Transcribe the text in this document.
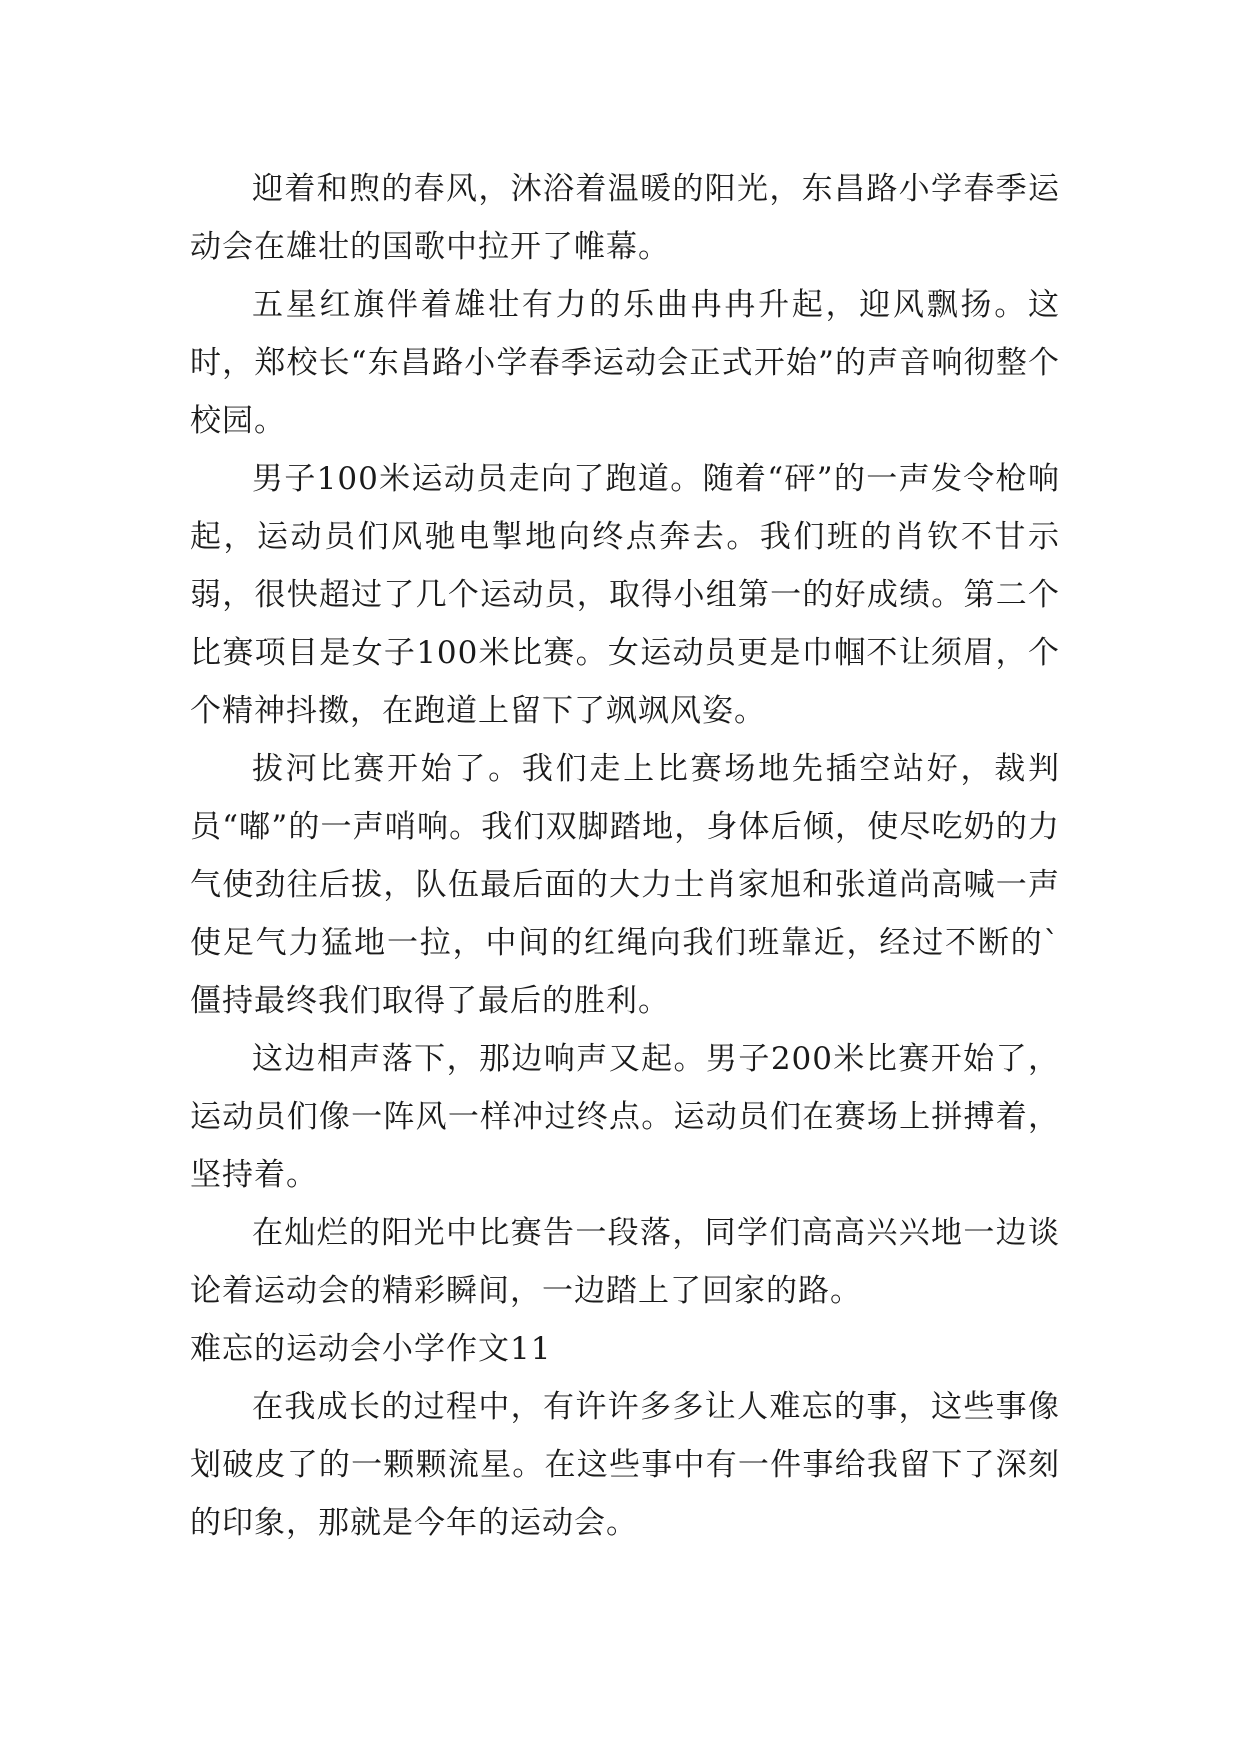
迎着和煦的春风，沐浴着温暖的阳光，东昌路小学春季运动会在雄壮的国歌中拉开了帷幕。

五星红旗伴着雄壮有力的乐曲冉冉升起，迎风飘扬。这时，郑校长“东昌路小学春季运动会正式开始”的声音响彻整个校园。

男子100米运动员走向了跑道。随着“砰”的一声发令枪响起，运动员们风驰电掣地向终点奔去。我们班的肖钦不甘示弱，很快超过了几个运动员，取得小组第一的好成绩。第二个比赛项目是女子100米比赛。女运动员更是巾帼不让须眉，个个精神抖擞，在跑道上留下了飒飒风姿。

拔河比赛开始了。我们走上比赛场地先插空站好，裁判员“嘟”的一声哨响。我们双脚踏地，身体后倾，使尽吃奶的力气使劲往后拔，队伍最后面的大力士肖家旭和张道尚高喊一声使足气力猛地一拉，中间的红绳向我们班靠近，经过不断的`僵持最终我们取得了最后的胜利。

这边相声落下，那边响声又起。男子200米比赛开始了，运动员们像一阵风一样冲过终点。运动员们在赛场上拼搏着，坚持着。

在灿烂的阳光中比赛告一段落，同学们高高兴兴地一边谈论着运动会的精彩瞬间，一边踏上了回家的路。

难忘的运动会小学作文11

在我成长的过程中，有许许多多让人难忘的事，这些事像划破皮了的一颗颗流星。在这些事中有一件事给我留下了深刻的印象，那就是今年的运动会。
